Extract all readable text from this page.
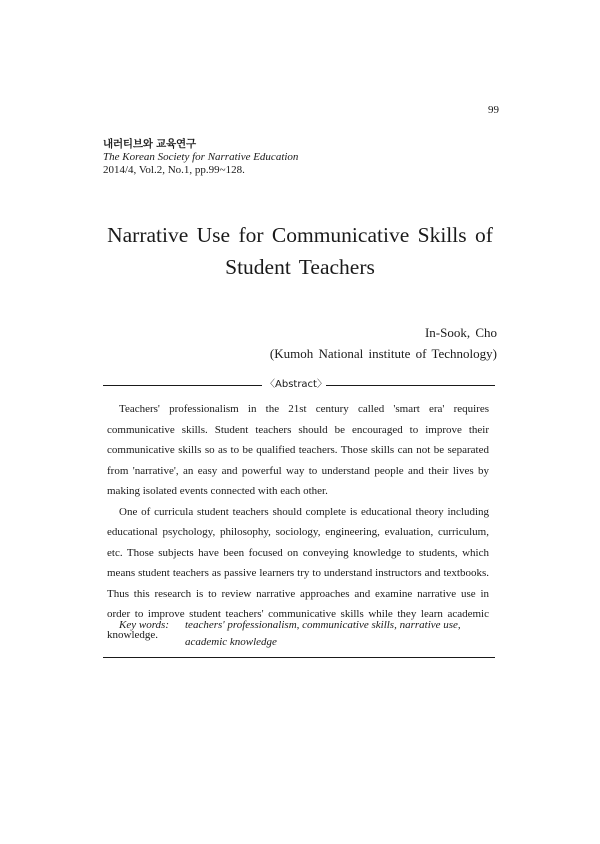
99
내러티브와 교육연구
The Korean Society for Narrative Education
2014/4, Vol.2, No.1, pp.99~128.
Narrative Use for Communicative Skills of
Student Teachers
In-Sook, Cho
(Kumoh National institute of Technology)
〈Abstract〉

Teachers' professionalism in the 21st century called 'smart era' requires communicative skills. Student teachers should be encouraged to improve their communicative skills so as to be qualified teachers. Those skills can not be separated from 'narrative', an easy and powerful way to understand people and their lives by making isolated events connected with each other.

One of curricula student teachers should complete is educational theory including educational psychology, philosophy, sociology, engineering, evaluation, curriculum, etc. Those subjects have been focused on conveying knowledge to students, which means student teachers as passive learners try to understand instructors and textbooks. Thus this research is to review narrative approaches and examine narrative use in order to improve student teachers' communicative skills while they learn academic knowledge.

Key words: teachers' professionalism, communicative skills, narrative use,
academic knowledge
